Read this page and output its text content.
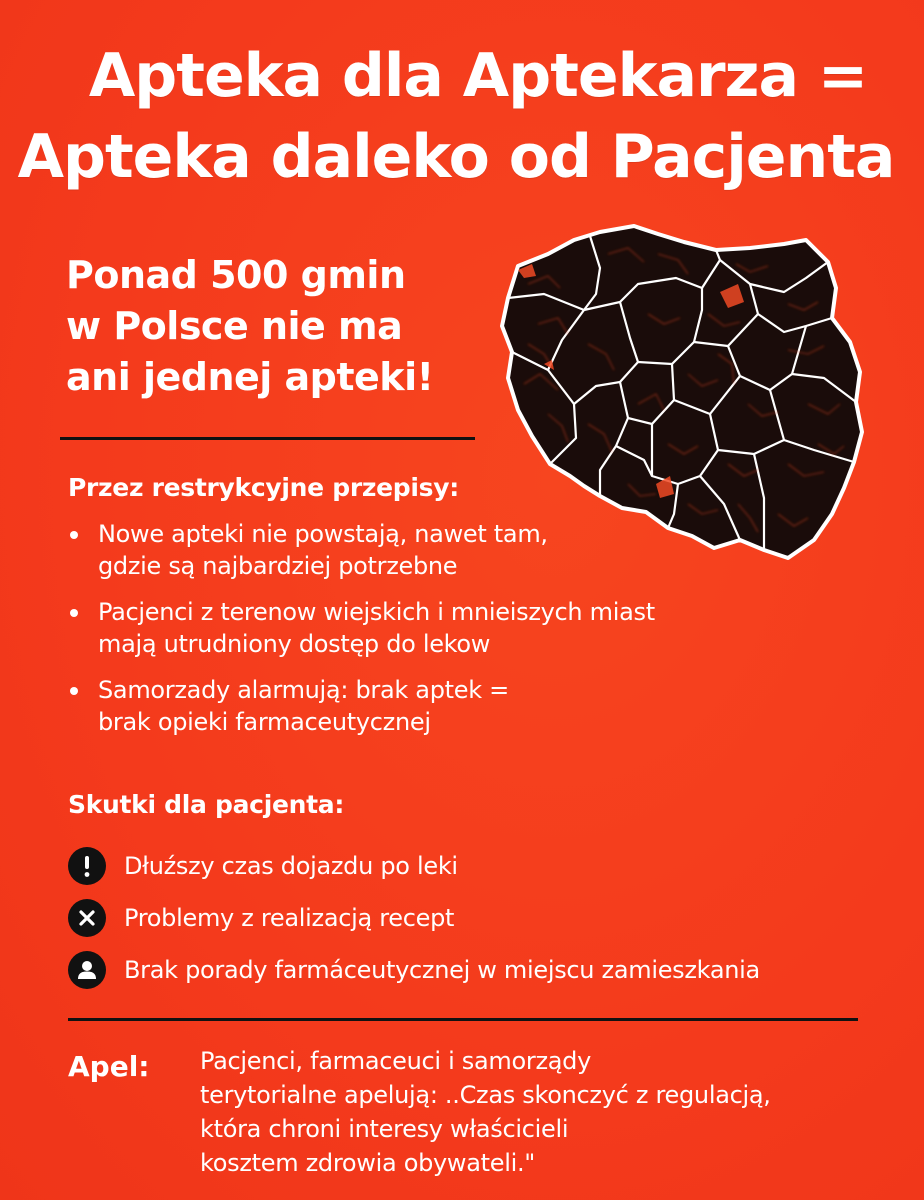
Apteka dla Aptekarza =
Apteka daleko od Pacjenta
Ponad 500 gmin
w Polsce nie ma
ani jednej apteki!
Przez restrykcyjne przepisy:
Nowe apteki nie powstają, nawet tam,
gdzie są najbardziej potrzebne
Pacjenci z terenow wiejskich i mnieiszych miast
mają utrudniony dostęp do lekow
Samorzady alarmują: brak aptek =
brak opieki farmaceutycznej
Skutki dla pacjenta:
Dłuźszy czas dojazdu po leki
Problemy z realizacją recept
Brak porady farmáceutycznej w miejscu zamieszkania
Apel: Pacjenci, farmaceuci i samorządy
terytorialne apelują: ..Czas skonczyć z regulacją,
która chroni interesy właścicieli
kosztem zdrowia obywateli."
